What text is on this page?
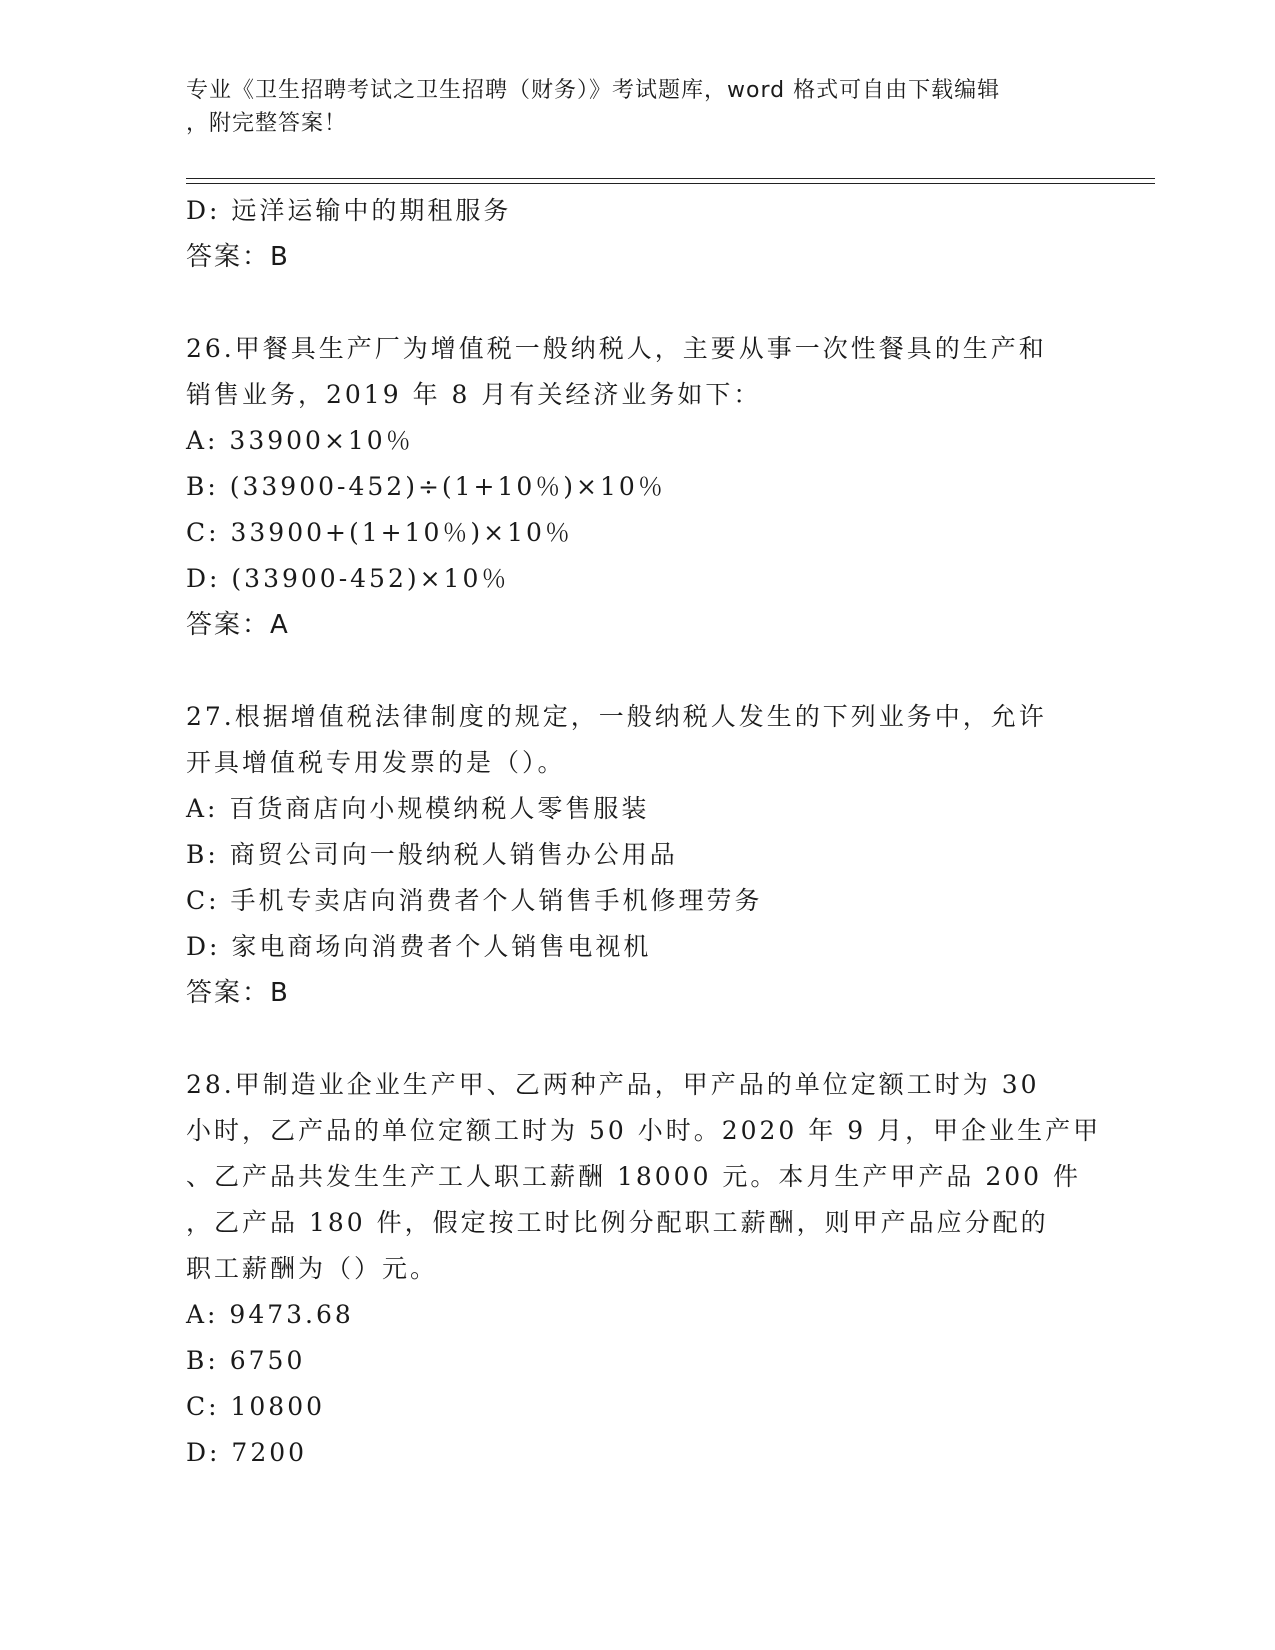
专业《卫生招聘考试之卫生招聘（财务）》考试题库，word 格式可自由下载编辑
，附完整答案！
D: 远洋运输中的期租服务
答案：B
26.甲餐具生产厂为增值税一般纳税人，主要从事一次性餐具的生产和
销售业务，2019 年 8 月有关经济业务如下：
A: 33900×10％
B: (33900-452)÷(1+10％)×10％
C: 33900+(1+10％)×10％
D: (33900-452)×10％
答案：A
27.根据增值税法律制度的规定，一般纳税人发生的下列业务中，允许
开具增值税专用发票的是（）。
A: 百货商店向小规模纳税人零售服装
B: 商贸公司向一般纳税人销售办公用品
C: 手机专卖店向消费者个人销售手机修理劳务
D: 家电商场向消费者个人销售电视机
答案：B
28.甲制造业企业生产甲、乙两种产品，甲产品的单位定额工时为 30
小时，乙产品的单位定额工时为 50 小时。2020 年 9 月，甲企业生产甲
、乙产品共发生生产工人职工薪酬 18000 元。本月生产甲产品 200 件
，乙产品 180 件，假定按工时比例分配职工薪酬，则甲产品应分配的
职工薪酬为（）元。
A: 9473.68
B: 6750
C: 10800
D: 7200
